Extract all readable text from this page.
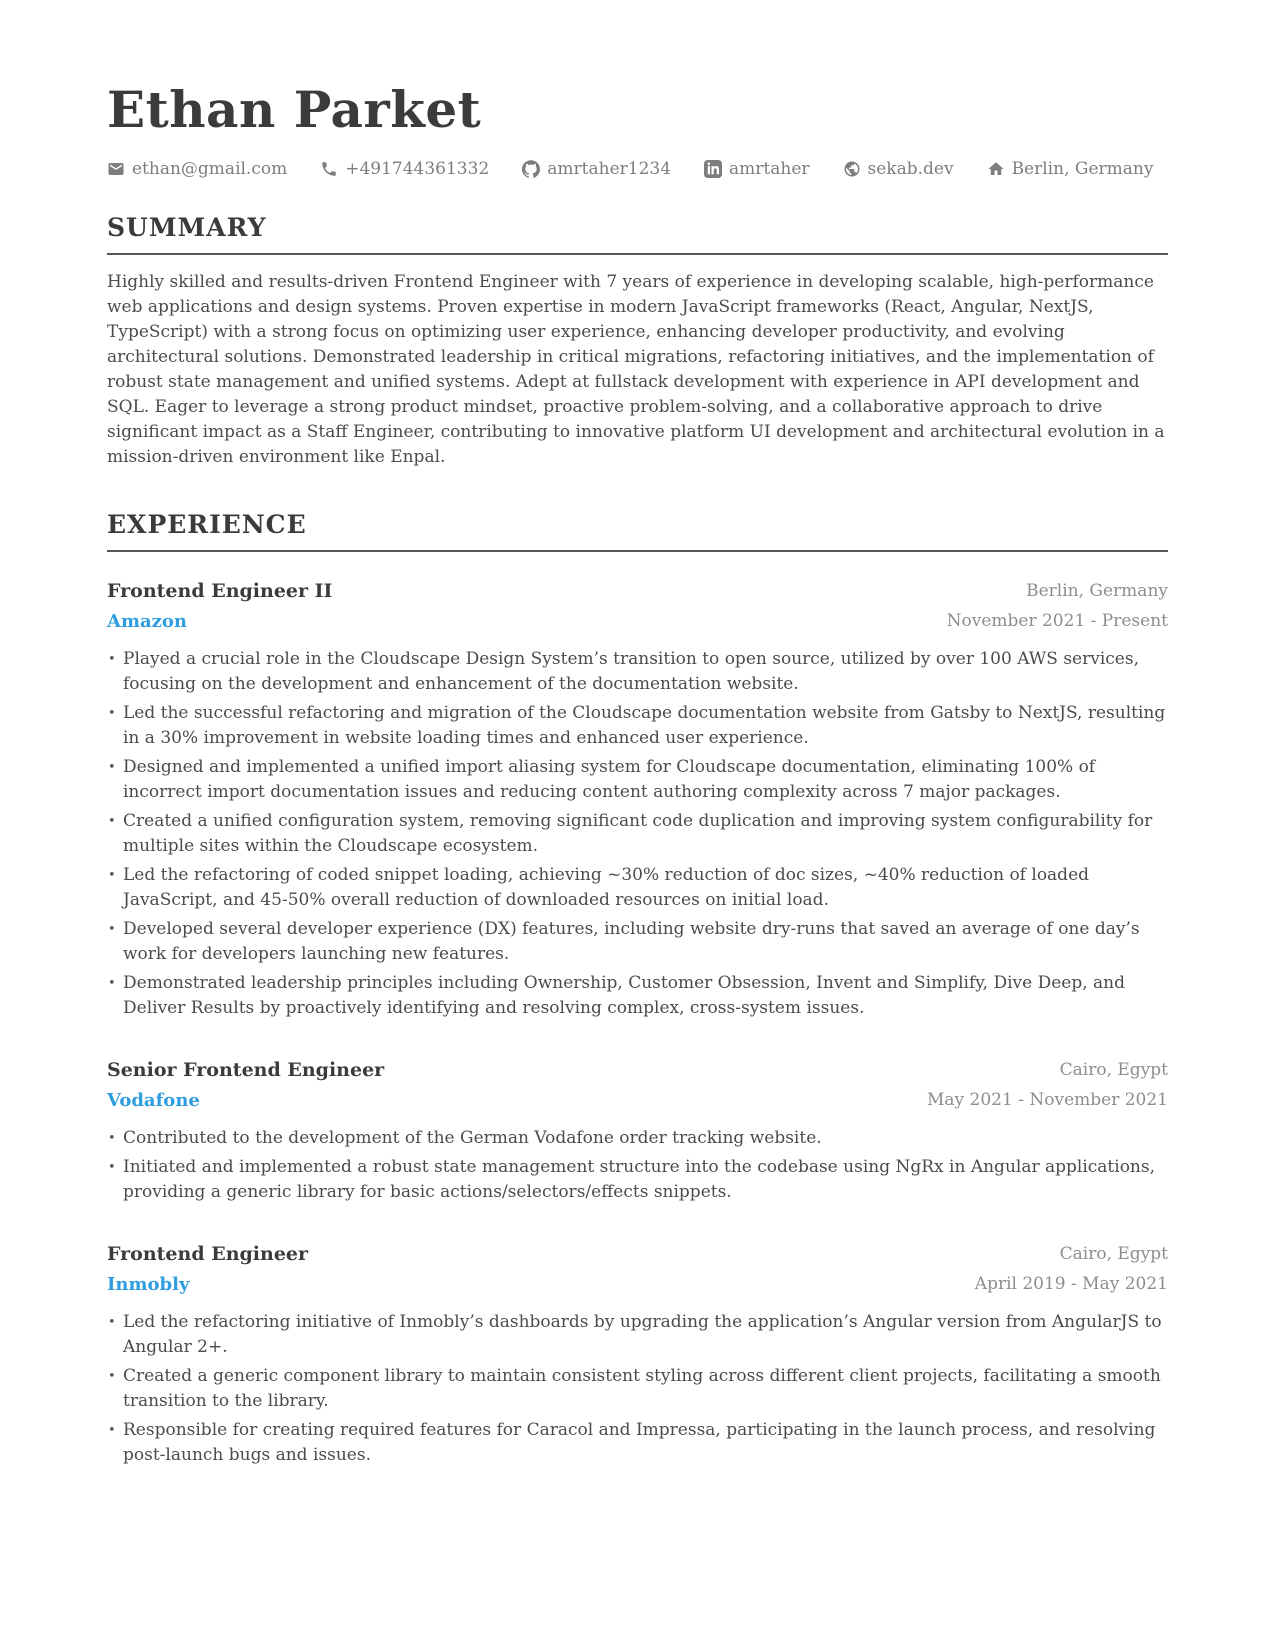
Ethan Parket
ethan@gmail.com	+491744361332	amrtaher1234	amrtaher	sekab.dev	Berlin, Germany
SUMMARY

Highly skilled and results-driven Frontend Engineer with 7 years of experience in developing scalable, high-performance web applications and design systems. Proven expertise in modern JavaScript frameworks (React, Angular, NextJS, TypeScript) with a strong focus on optimizing user experience, enhancing developer productivity, and evolving architectural solutions. Demonstrated leadership in critical migrations, refactoring initiatives, and the implementation of robust state management and unified systems. Adept at fullstack development with experience in API development and SQL. Eager to leverage a strong product mindset, proactive problem-solving, and a collaborative approach to drive significant impact as a Staff Engineer, contributing to innovative platform UI development and architectural evolution in a mission-driven environment like Enpal.

EXPERIENCE
Frontend Engineer II
Amazon
Berlin, Germany
November 2021 - Present
• Played a crucial role in the Cloudscape Design System’s transition to open source, utilized by over 100 AWS services, focusing on the development and enhancement of the documentation website.
• Led the successful refactoring and migration of the Cloudscape documentation website from Gatsby to NextJS, resulting in a 30% improvement in website loading times and enhanced user experience.
• Designed and implemented a unified import aliasing system for Cloudscape documentation, eliminating 100% of incorrect import documentation issues and reducing content authoring complexity across 7 major packages.
• Created a unified configuration system, removing significant code duplication and improving system configurability for multiple sites within the Cloudscape ecosystem.
• Led the refactoring of coded snippet loading, achieving ~30% reduction of doc sizes, ~40% reduction of loaded JavaScript, and 45-50% overall reduction of downloaded resources on initial load.
• Developed several developer experience (DX) features, including website dry-runs that saved an average of one day’s work for developers launching new features.
• Demonstrated leadership principles including Ownership, Customer Obsession, Invent and Simplify, Dive Deep, and Deliver Results by proactively identifying and resolving complex, cross-system issues.
Senior Frontend Engineer
Vodafone
Cairo, Egypt
May 2021 - November 2021
• Contributed to the development of the German Vodafone order tracking website.
• Initiated and implemented a robust state management structure into the codebase using NgRx in Angular applications, providing a generic library for basic actions/selectors/effects snippets.
Frontend Engineer
Inmobly
Cairo, Egypt
April 2019 - May 2021
• Led the refactoring initiative of Inmobly’s dashboards by upgrading the application’s Angular version from AngularJS to Angular 2+.
• Created a generic component library to maintain consistent styling across different client projects, facilitating a smooth transition to the library.
• Responsible for creating required features for Caracol and Impressa, participating in the launch process, and resolving post-launch bugs and issues.
